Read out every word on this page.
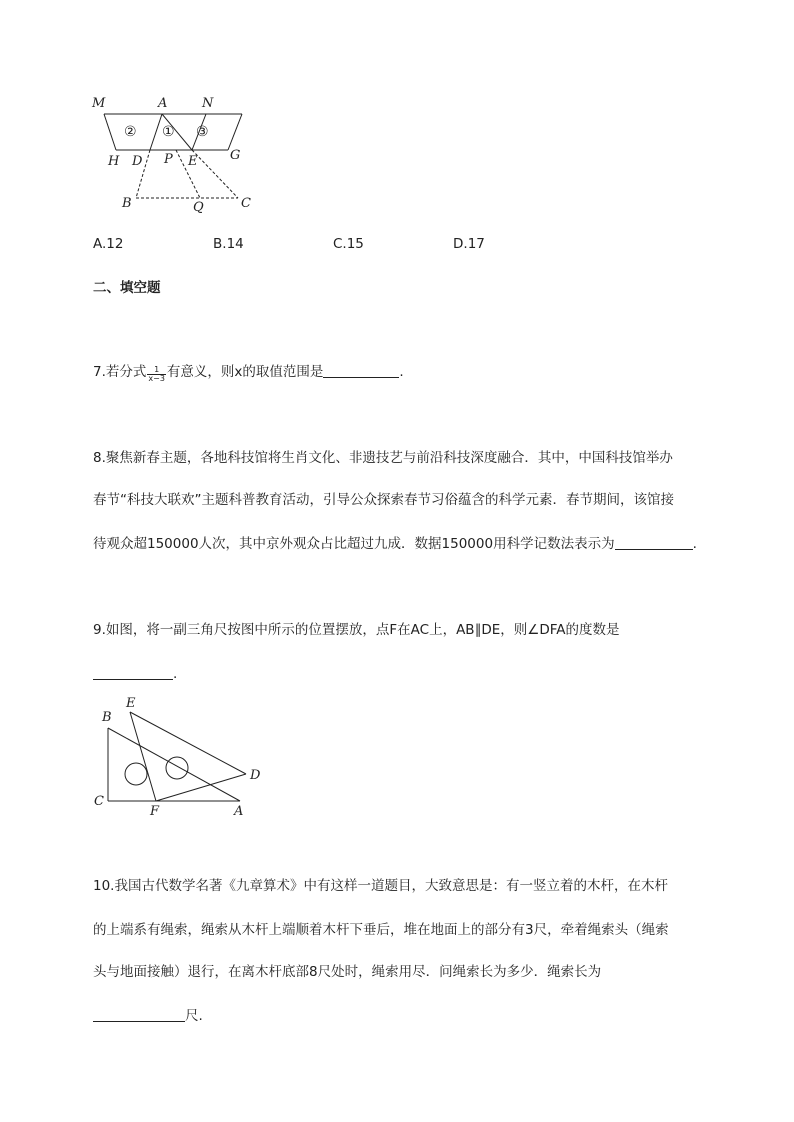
M	A	N
H D P E	G
B	Q	C
② ① ③
A.12	B.14	C.15	D.17
二、填空题
7.若分式 $\frac{1}{x-3}$ 有意义，则x的取值范围是	.
8.聚焦新春主题，各地科技馆将生肖文化、非遗技艺与前沿科技深度融合．其中，中国科技馆举办
春节“科技大联欢”主题科普教育活动，引导公众探索春节习俗蕴含的科学元素．春节期间，该馆接
待观众超150000人次，其中京外观众占比超过九成．数据150000用科学记数法表示为	.
9.如图，将一副三角尺按图中所示的位置摆放，点F在AC上，AB∥DE，则∠DFA的度数是
.
B
E
D
C
F	A
10.我国古代数学名著《九章算术》中有这样一道题目，大致意思是：有一竖立着的木杆，在木杆
的上端系有绳索，绳索从木杆上端顺着木杆下垂后，堆在地面上的部分有3尺，牵着绳索头（绳索
头与地面接触）退行，在离木杆底部8尺处时，绳索用尽．问绳索长为多少．绳索长为
尺.
